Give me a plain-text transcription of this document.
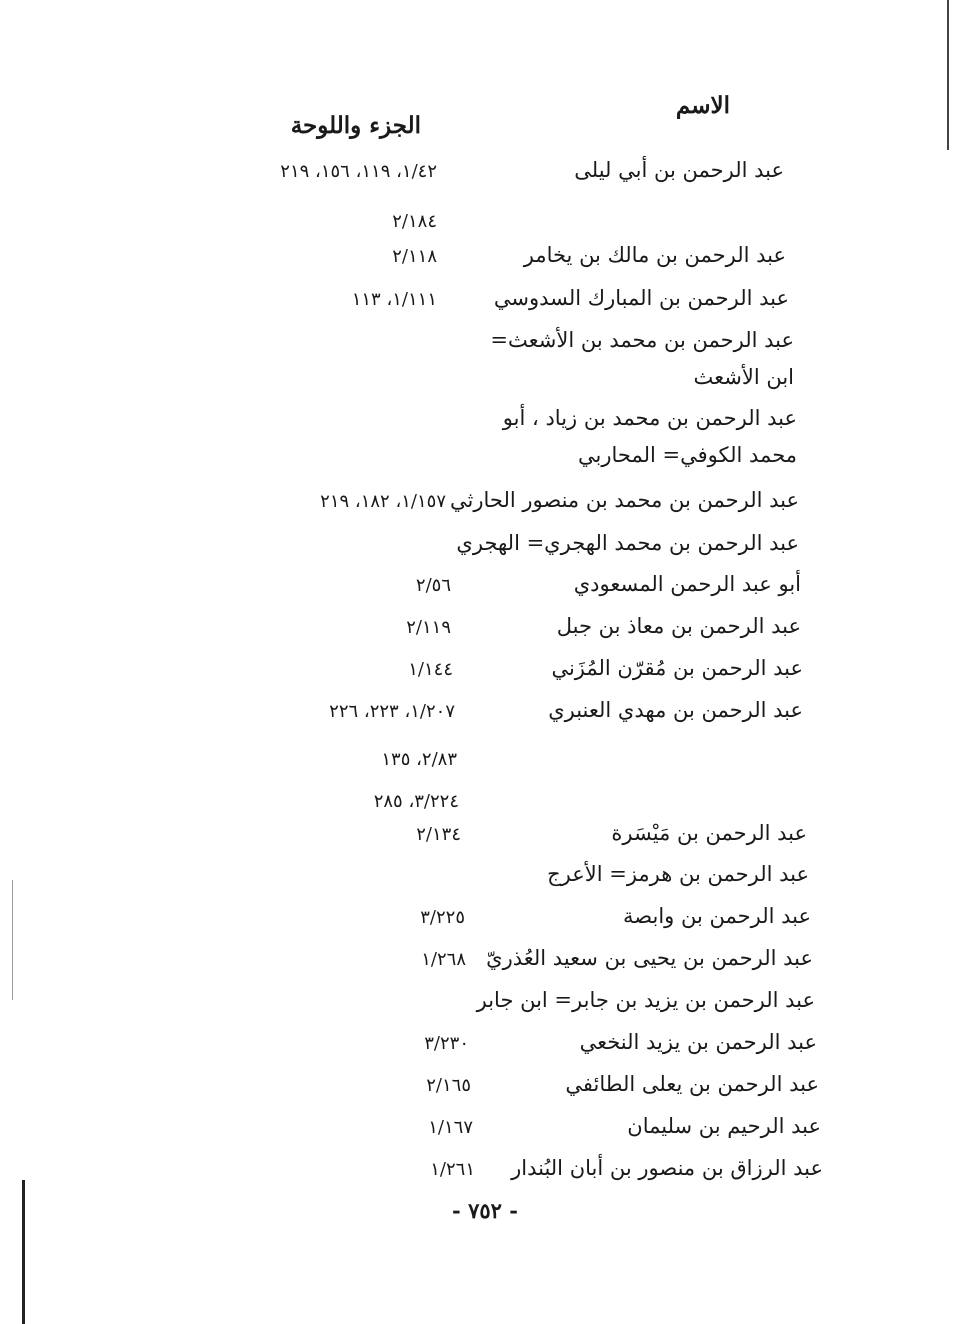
الاسم
الجزء واللوحة
عبد الرحمن بن أبي ليلى
١/٤٢، ١١٩، ١٥٦، ٢١٩
٢/١٨٤
عبد الرحمن بن مالك بن يخامر
٢/١١٨
عبد الرحمن بن المبارك السدوسي
١/١١١، ١١٣
عبد الرحمن بن محمد بن الأشعث= ابن الأشعث
عبد الرحمن بن محمد بن زياد ، أبو محمد الكوفي= المحاربي
عبد الرحمن بن محمد بن منصور الحارثي
١/١٥٧، ١٨٢، ٢١٩
عبد الرحمن بن محمد الهجري= الهجري
أبو عبد الرحمن المسعودي
٢/٥٦
عبد الرحمن بن معاذ بن جبل
٢/١١٩
عبد الرحمن بن مُقرّن المُزَني
١/١٤٤
عبد الرحمن بن مهدي العنبري
١/٢٠٧، ٢٢٣، ٢٢٦
٢/٨٣، ١٣٥
٣/٢٢٤، ٢٨٥
عبد الرحمن بن مَيْسَرة
٢/١٣٤
عبد الرحمن بن هرمز= الأعرج
عبد الرحمن بن وابصة
٣/٢٢٥
عبد الرحمن بن يحيى بن سعيد العُذريّ
١/٢٦٨
عبد الرحمن بن يزيد بن جابر= ابن جابر
عبد الرحمن بن يزيد النخعي
٣/٢٣٠
عبد الرحمن بن يعلى الطائفي
٢/١٦٥
عبد الرحيم بن سليمان
١/١٦٧
عبد الرزاق بن منصور بن أبان البُندار
١/٢٦١
- ٧٥٢ -
